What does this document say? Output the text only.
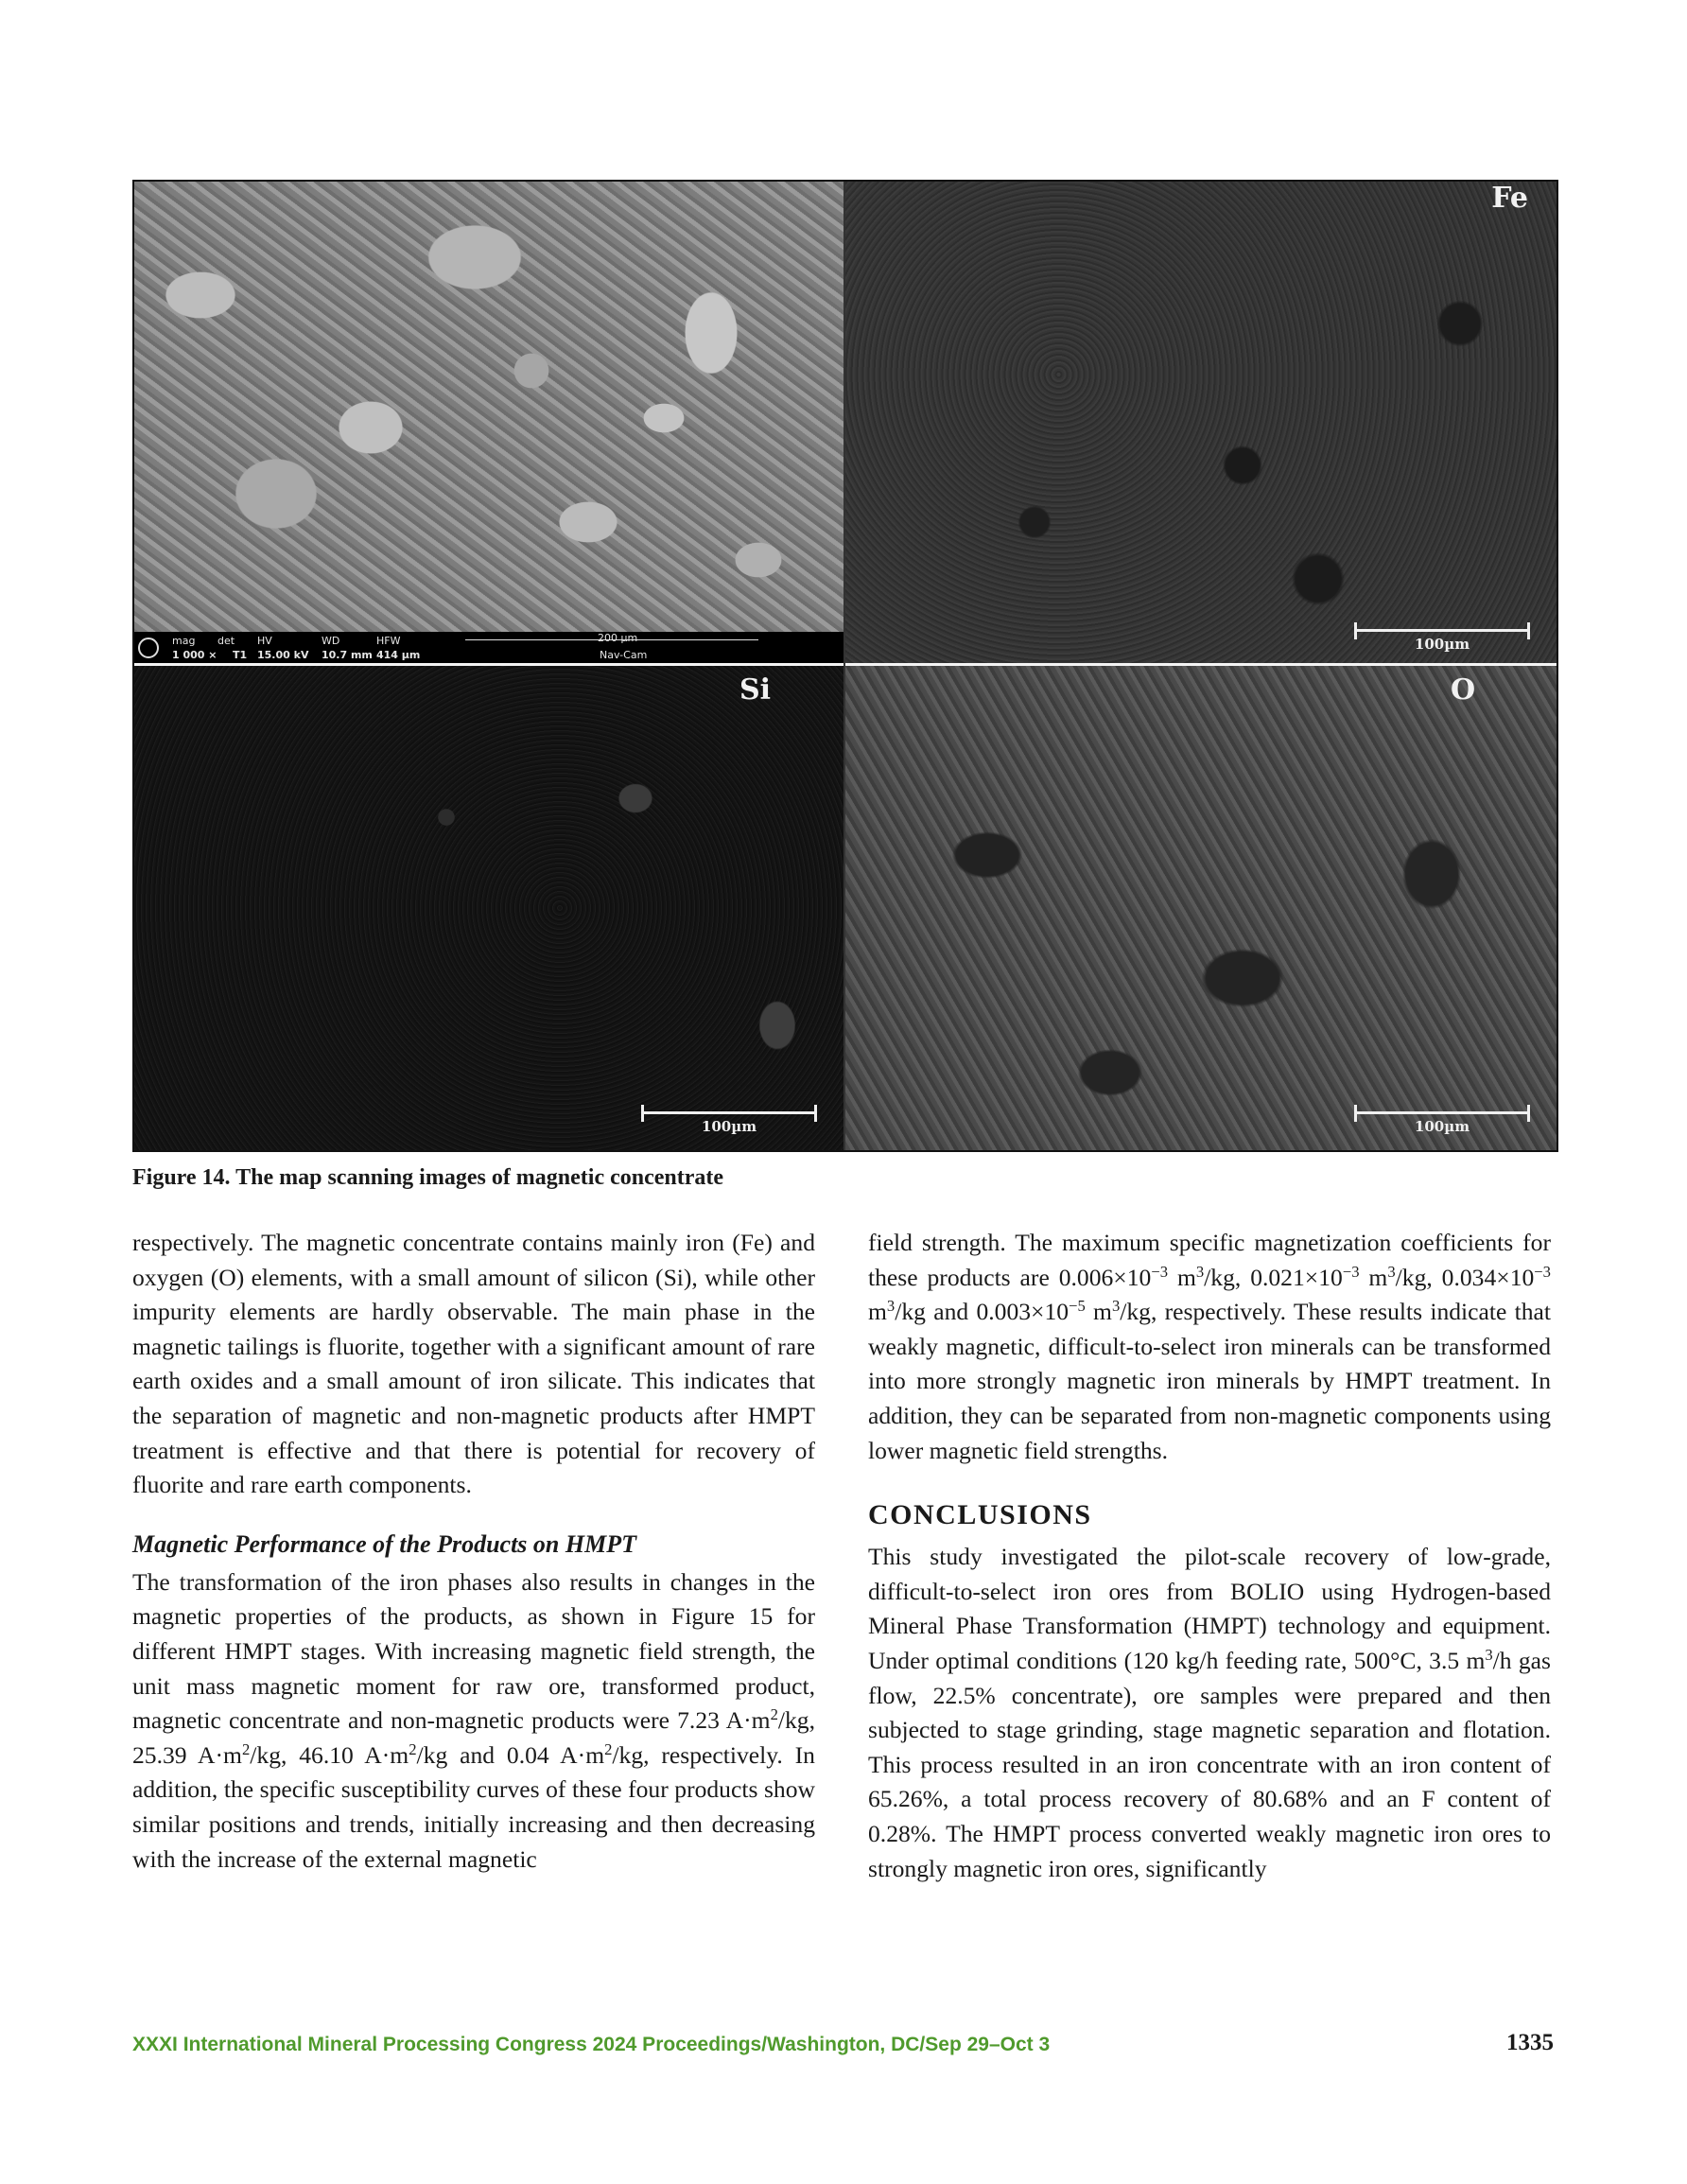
mag det HV	WD	HFW
1 000 × T1 15.00 kV 10.7 mm 414 µm
200 µm
Nav-Cam
Fe
100µm
Si
100µm
O
100µm
Figure 14. The map scanning images of magnetic concentrate

respectively. The magnetic concentrate contains mainly iron (Fe) and oxygen (O) elements, with a small amount of silicon (Si), while other impurity elements are hardly observable. The main phase in the magnetic tailings is fluorite, together with a significant amount of rare earth oxides and a small amount of iron silicate. This indicates that the separation of magnetic and non-magnetic products after HMPT treatment is effective and that there is potential for recovery of fluorite and rare earth components.

Magnetic Performance of the Products on HMPT

The transformation of the iron phases also results in changes in the magnetic properties of the products, as shown in Figure 15 for different HMPT stages. With increasing magnetic field strength, the unit mass magnetic moment for raw ore, transformed product, magnetic concentrate and non-magnetic products were 7.23 $A\cdot m^2/kg$, 25.39 $A\cdot m^2/kg$, 46.10 $A\cdot m^2/kg$ and 0.04 $A\cdot m^2/kg$, respectively. In addition, the specific susceptibility curves of these four products show similar positions and trends, initially increasing and then decreasing with the increase of the external magnetic

field strength. The maximum specific magnetization coefficients for these products are $0.006\times 10^{-3}$ $m^3/kg$, $0.021\times 10^{-3}$ $m^3/kg$, $0.034\times 10^{-3}$ $m^3/kg$ and $0.003\times 10^{-5}$ $m^3/kg$, respectively. These results indicate that weakly magnetic, difficult-to-select iron minerals can be transformed into more strongly magnetic iron minerals by HMPT treatment. In addition, they can be separated from non-magnetic components using lower magnetic field strengths.

CONCLUSIONS

This study investigated the pilot-scale recovery of low-grade, difficult-to-select iron ores from BOLIO using Hydrogen-based Mineral Phase Transformation (HMPT) technology and equipment. Under optimal conditions (120 kg/h feeding rate, 500°C, 3.5 $m^3/h$ gas flow, 22.5% concentrate), ore samples were prepared and then subjected to stage grinding, stage magnetic separation and flotation. This process resulted in an iron concentrate with an iron content of 65.26%, a total process recovery of 80.68% and an F content of 0.28%. The HMPT process converted weakly magnetic iron ores to strongly magnetic iron ores, significantly

XXXI International Mineral Processing Congress 2024 Proceedings/Washington, DC/Sep 29–Oct 3	1335
